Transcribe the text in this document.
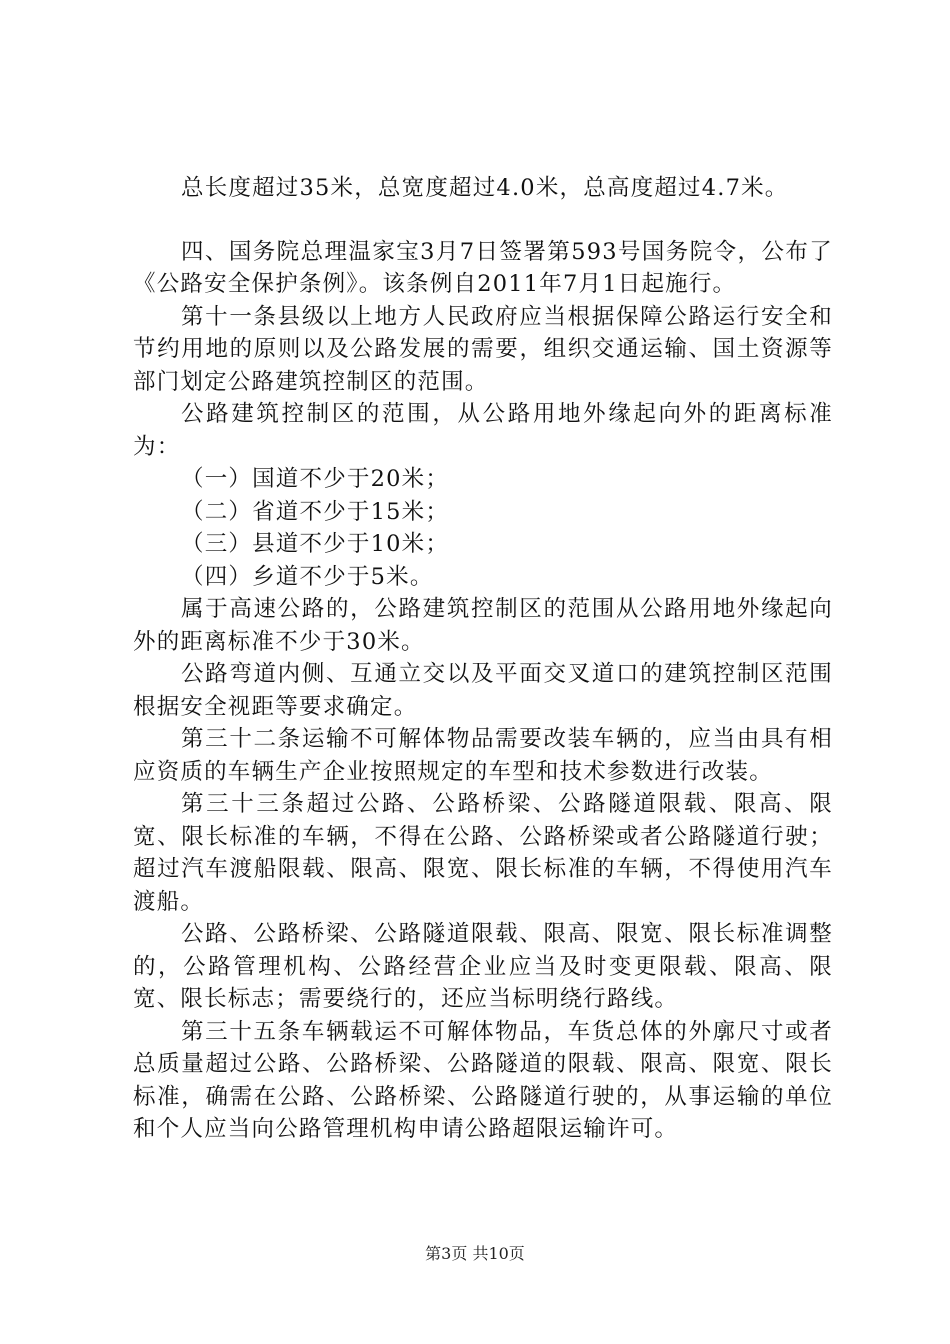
总长度超过35米，总宽度超过4.0米，总高度超过4.7米。

四、国务院总理温家宝3月7日签署第593号国务院令，公布了《公路安全保护条例》。该条例自2011年7月1日起施行。

第十一条县级以上地方人民政府应当根据保障公路运行安全和节约用地的原则以及公路发展的需要，组织交通运输、国土资源等部门划定公路建筑控制区的范围。

公路建筑控制区的范围，从公路用地外缘起向外的距离标准为：

（一）国道不少于20米；

（二）省道不少于15米；

（三）县道不少于10米；

（四）乡道不少于5米。

属于高速公路的，公路建筑控制区的范围从公路用地外缘起向外的距离标准不少于30米。

公路弯道内侧、互通立交以及平面交叉道口的建筑控制区范围根据安全视距等要求确定。

第三十二条运输不可解体物品需要改装车辆的，应当由具有相应资质的车辆生产企业按照规定的车型和技术参数进行改装。

第三十三条超过公路、公路桥梁、公路隧道限载、限高、限宽、限长标准的车辆，不得在公路、公路桥梁或者公路隧道行驶；超过汽车渡船限载、限高、限宽、限长标准的车辆，不得使用汽车渡船。

公路、公路桥梁、公路隧道限载、限高、限宽、限长标准调整的，公路管理机构、公路经营企业应当及时变更限载、限高、限宽、限长标志；需要绕行的，还应当标明绕行路线。

第三十五条车辆载运不可解体物品，车货总体的外廓尺寸或者总质量超过公路、公路桥梁、公路隧道的限载、限高、限宽、限长标准，确需在公路、公路桥梁、公路隧道行驶的，从事运输的单位和个人应当向公路管理机构申请公路超限运输许可。

第3页 共10页
